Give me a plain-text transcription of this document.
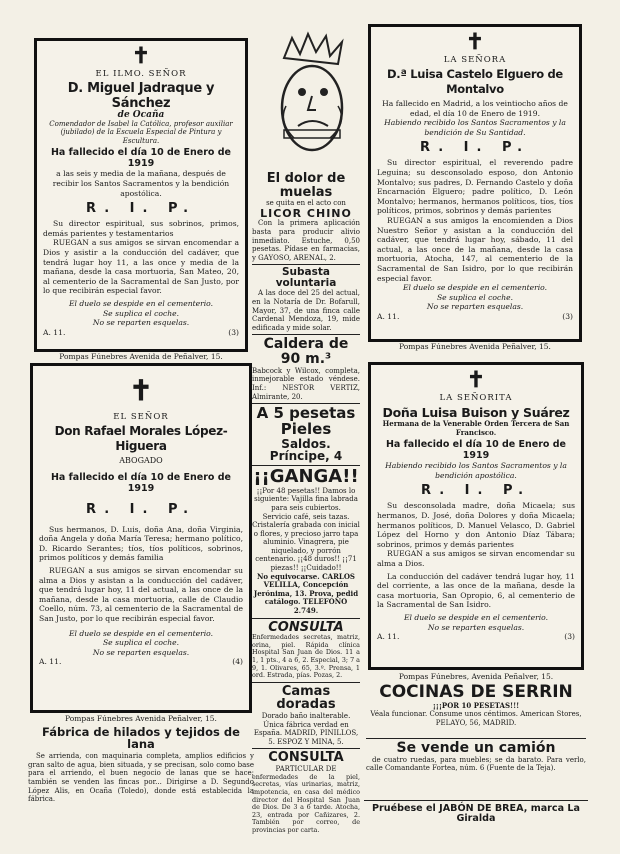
✝
EL ILMO. SEÑOR
D. Miguel Jadraque y Sánchez
de Ocaña
Comendador de Isabel la Católica, profesor auxiliar (jubilado) de la Escuela Especial de Pintura y Escultura.
Ha fallecido el día 10 de Enero de 1919
a las seis y media de la mañana, después de recibir los Santos Sacramentos y la bendición apostólica.
R. I. P.
Su director espiritual, sus sobrinos, primos, demás parientes y testamentarios
RUEGAN a sus amigos se sirvan encomendar a Dios y asistir a la conducción del cadáver, que tendrá lugar hoy 11, a las once y media de la mañana, desde la casa mortuoria, San Mateo, 20, al cementerio de la Sacramental de San Justo, por lo que recibirán especial favor.
El duelo se despide en el cementerio.
Se suplica el coche.
No se reparten esquelas.
A. 11.	(3)
Pompas Fúnebres Avenida de Peñalver, 15.
✝
EL SEÑOR
Don Rafael Morales López-Higuera
ABOGADO
Ha fallecido el día 10 de Enero de 1919
R. I. P.
Sus hermanos, D. Luis, doña Ana, doña Virginia, doña Angela y doña María Teresa; hermano político, D. Ricardo Serantes; tíos, tíos políticos, sobrinos, primos políticos y demás familia
RUEGAN a sus amigos se sirvan encomendar su alma a Dios y asistan a la conducción del cadáver, que tendrá lugar hoy, 11 del actual, a las once de la mañana, desde la casa mortuoria, calle de Claudio Coello, núm. 73, al cementerio de la Sacramental de San Justo, por lo que recibirán especial favor.
El duelo se despide en el cementerio.
Se suplica el coche.
No se reparten esquelas.
A. 11.	(4)
Pompas Fúnebres Avenida Peñalver, 15.
Fábrica de hilados y tejidos de lana
Se arrienda, con maquinaria completa, amplios edificios y gran salto de agua, bien situada, y se precisan, solo como base para el arriendo, el buen negocio de lanas que se hace; también se venden las fincas por... Dirigirse a D. Segundo López Alis, en Ocaña (Toledo), donde está establecida la fábrica.
El dolor de muelas
se quita en el acto con
LICOR CHINO
Con la primera aplicación basta para producir alivio inmediato. Estuche, 0,50 pesetas. Pídase en farmacias, y GAYOSO, ARENAL, 2.
Subasta voluntaria
A las doce del 25 del actual, en la Notaría de Dr. Bofarull, Mayor, 37, de una finca calle Cardenal Mendoza, 19, mide edificada y mide solar.
Caldera de 90 m.³
Babcock y Wilcox, completa, inmejorable estado véndese. Inf.: NESTOR VERTIZ, Almirante, 20.
A 5 pesetas Pieles
Saldos. Príncipe, 4
¡¡GANGA!!
¡¡Por 48 pesetas!! Damos lo siguiente: Vajilla fina labrada para seis cubiertos.
Servicio café, seis tazas. Cristalería grabada con inicial o flores, y precioso jarro tapa aluminio. Vinagrera, pie niquelado, y porrón centenario. ¡¡48 duros!! ¡¡71 piezas!! ¡¡Cuidado!!
No equivocarse. CARLOS VELILLA, Concepción Jerónima, 13. Prova, pedid catálogo. TELEFONO 2.749.
CONSULTA
Enfermedades secretas, matriz, orina, piel. Rápida clínica Hospital San Juan de Dios. 11 a 1, 1 pts., 4 a 6, 2. Especial, 3; 7 a 9, 1. Olivares, 65, 3.º. Prensa, 1 ord. Estrada, pías. Pozas, 2.
Camas doradas
Dorado baño inalterable. Única fábrica verdad en España. MADRID, PINILLOS, 5. ESPOZ Y MINA, 5.
CONSULTA
PARTICULAR DE
enfermedades de la piel, secretas, vías urinarias, matriz, impotencia, en casa del médico director del Hospital San Juan de Dios. De 3 a 6 tarde. Atocha, 23, entrada por Cañizares, 2. También por correo, de provincias por carta.
✝
LA SEÑORA
D.ª Luisa Castelo Elguero de Montalvo
Ha fallecido en Madrid, a los veintiocho años de edad, el día 10 de Enero de 1919.
Habiendo recibido los Santos Sacramentos y la bendición de Su Santidad.
R. I. P.
Su director espiritual, el reverendo padre Leguina; su desconsolado esposo, don Antonio Montalvo; sus padres, D. Fernando Castelo y doña Encarnación Elguero; padre político, D. León Montalvo; hermanos, hermanos políticos, tíos, tíos políticos, primos, sobrinos y demás parientes
RUEGAN a sus amigos la encomienden a Dios Nuestro Señor y asistan a la conducción del cadáver, que tendrá lugar hoy, sábado, 11 del actual, a las once de la mañana, desde la casa mortuoria, Atocha, 147, al cementerio de la Sacramental de San Isidro, por lo que recibirán especial favor.
El duelo se despide en el cementerio.
Se suplica el coche.
No se reparten esquelas.
A. 11.	(3)
Pompas Fúnebres Avenida Peñalver, 15.
✝
LA SEÑORITA
Doña Luisa Buison y Suárez
Hermana de la Venerable Orden Tercera de San Francisco.
Ha fallecido el día 10 de Enero de 1919
Habiendo recibido los Santos Sacramentos y la bendición apostólica.
R. I. P.
Su desconsolada madre, doña Micaela; sus hermanos, D. José, doña Dolores y doña Micaela; hermanos políticos, D. Manuel Velasco, D. Gabriel López del Horno y don Antonio Díaz Tábara; sobrinos, primos y demás parientes
RUEGAN a sus amigos se sirvan encomendar su alma a Dios.
La conducción del cadáver tendrá lugar hoy, 11 del corriente, a las once de la mañana, desde la casa mortuoria, San Opropio, 6, al cementerio de la Sacramental de San Isidro.
El duelo se despide en el cementerio.
No se reparten esquelas.
A. 11.	(3)
Pompas Fúnebres, Avenida Peñalver, 15.
COCINAS DE SERRIN
¡¡¡POR 10 PESETAS!!!
Véala funcionar. Consume unos céntimos. American Stores, PELAYO, 56, MADRID.
Se vende un camión
de cuatro ruedas, para muebles; se da barato. Para verlo, calle Comandante Fortea, núm. 6 (Fuente de la Teja).
Pruébese el JABÓN DE BREA, marca La Giralda
